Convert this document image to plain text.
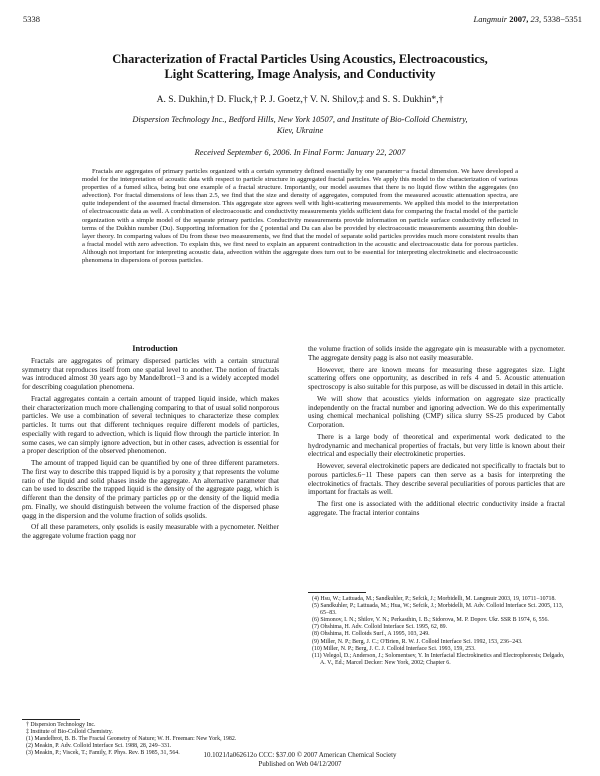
5338	Langmuir 2007, 23, 5338−5351
Characterization of Fractal Particles Using Acoustics, Electroacoustics,
Light Scattering, Image Analysis, and Conductivity
A. S. Dukhin,† D. Fluck,† P. J. Goetz,† V. N. Shilov,‡ and S. S. Dukhin*,†
Dispersion Technology Inc., Bedford Hills, New York 10507, and Institute of Bio-Colloid Chemistry,
Kiev, Ukraine
Received September 6, 2006. In Final Form: January 22, 2007

Fractals are aggregates of primary particles organized with a certain symmetry defined essentially by one parameter−a fractal dimension. We have developed a model for the interpretation of acoustic data with respect to particle structure in aggregated fractal particles. We apply this model to the characterization of various properties of a fumed silica, being but one example of a fractal structure. Importantly, our model assumes that there is no liquid flow within the aggregates (no advection). For fractal dimensions of less than 2.5, we find that the size and density of aggregates, computed from the measured acoustic attenuation spectra, are quite independent of the assumed fractal dimension. This aggregate size agrees well with light-scattering measurements. We applied this model to the interpretation of electroacoustic data as well. A combination of electroacoustic and conductivity measurements yields sufficient data for comparing the fractal model of the particle organization with a simple model of the separate primary particles. Conductivity measurements provide information on particle surface conductivity reflected in terms of the Dukhin number (Du). Supporting information for the ζ potential and Du can also be provided by electroacoustic measurements assuming thin double-layer theory. In comparing values of Du from these two measurements, we find that the model of separate solid particles provides much more consistent results than a fractal model with zero advection. To explain this, we first need to explain an apparent contradiction in the acoustic and electroacoustic data for porous particles. Although not important for interpreting acoustic data, advection within the aggregate does turn out to be essential for interpreting electrokinetic and electroacoustic phenomena in dispersions of porous particles.

Introduction

Fractals are aggregates of primary dispersed particles with a certain structural symmetry that reproduces itself from one spatial level to another. The notion of fractals was introduced almost 30 years ago by Mandelbrot1−3 and is a widely accepted model for describing coagulation phenomena.

Fractal aggregates contain a certain amount of trapped liquid inside, which makes their characterization much more challenging comparing to that of usual solid nonporous particles. We use a combination of several techniques to characterize these complex particles. It turns out that different techniques require different models of particles, especially with regard to advection, which is liquid flow through the particle interior. In some cases, we can simply ignore advection, but in other cases, advection is essential for a proper description of the observed phenomenon.

The amount of trapped liquid can be quantified by one of three different parameters. The first way to describe this trapped liquid is by a porosity χ that represents the volume ratio of the liquid and solid phases inside the aggregate. An alternative parameter that can be used to describe the trapped liquid is the density of the aggregate ρagg, which is different than the density of the primary particles ρp or the density of the liquid media ρm. Finally, we should distinguish between the volume fraction of the dispersed phase φagg in the dispersion and the volume fraction of solids φsolids.

Of all these parameters, only φsolids is easily measurable with a pycnometer. Neither the aggregate volume fraction φagg nor

† Dispersion Technology Inc.
‡ Institute of Bio-Colloid Chemistry.
(1) Mandelbrot, B. B. The Fractal Geometry of Nature; W. H. Freeman: New York, 1982.
(2) Meakin, P. Adv. Colloid Interface Sci. 1988, 28, 249−331.
(3) Meakin, P.; Viscek, T.; Family, F. Phys. Rev. B 1985, 31, 564.

the volume fraction of solids inside the aggregate φin is measurable with a pycnometer. The aggregate density ρagg is also not easily measurable.

However, there are known means for measuring these aggregates size. Light scattering offers one opportunity, as described in refs 4 and 5. Acoustic attenuation spectroscopy is also suitable for this purpose, as will be discussed in detail in this article.

We will show that acoustics yields information on aggregate size practically independently on the fractal number and ignoring advection. We do this experimentally using chemical mechanical polishing (CMP) silica slurry SS-25 produced by Cabot Corporation.

There is a large body of theoretical and experimental work dedicated to the hydrodynamic and mechanical properties of fractals, but very little is known about their electrical and especially their electrokinetic properties.

However, several electrokinetic papers are dedicated not specifically to fractals but to porous particles.6−11 These papers can then serve as a basis for interpreting the electrokinetics of fractals. They describe several peculiarities of porous particles that are important for fractals as well.

The first one is associated with the additional electric conductivity inside a fractal aggregate. The fractal interior contains

(4) Hsu, W.; Lattuada, M.; Sandkuhler, P.; Sefcik, J.; Morbidelli, M. Langmuir 2003, 19, 10711−10718.
(5) Sandkuhler, P.; Lattuada, M.; Hua, W.; Sefcik, J.; Morbidelli, M. Adv. Colloid Interface Sci. 2005, 113, 65−83.
(6) Simonov, I. N.; Shilov, V. N.; Perkasthin, I. B.; Sidorova, M. P. Dopov. Ukr. SSR B 1974, 6, 556.
(7) Ohshima, H. Adv. Colloid Interface Sci. 1995, 62, 89.
(8) Ohshima, H. Colloids Surf., A 1995, 103, 249.
(9) Miller, N. P.; Berg, J. C.; O'Brien, R. W. J. Colloid Interface Sci. 1992, 153, 236−243.
(10) Miller, N. P.; Berg, J. C. J. Colloid Interface Sci. 1993, 159, 253.
(11) Velegol, D.; Anderson, J.; Solomentsev, Y. In Interfacial Electrokinetics and Electrophoresis; Delgado, A. V., Ed.; Marcel Decker: New York, 2002; Chapter 6.
10.1021/la062612o CCC: $37.00 © 2007 American Chemical Society
Published on Web 04/12/2007
